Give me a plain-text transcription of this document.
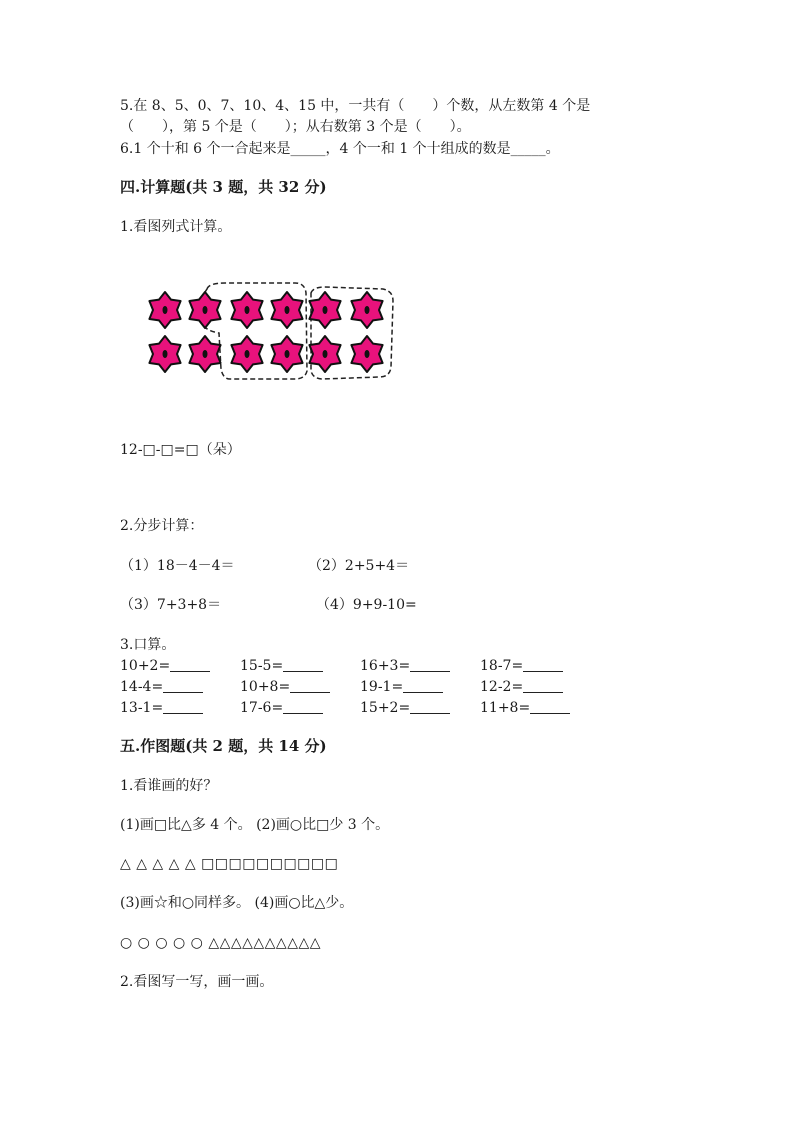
5.在 8、5、0、7、10、4、15 中，一共有（　　）个数，从左数第 4 个是
（　　），第 5 个是（　　）；从右数第 3 个是（　　）。
6.1 个十和 6 个一合起来是_____，4 个一和 1 个十组成的数是_____。
四.计算题(共 3 题，共 32 分)
1.看图列式计算。
12-□-□=□（朵）
2.分步计算：
（1）18－4－4＝	（2）2+5+4＝
（3）7+3+8＝	（4）9+9-10=
3.口算。
10+2=	15-5=	16+3=	18-7=
14-4=	10+8=	19-1=	12-2=
13-1=	17-6=	15+2=	11+8=
五.作图题(共 2 题，共 14 分)
1.看谁画的好？
(1)画□比△多 4 个。 (2)画○比□少 3 个。
△ △ △ △ △ □□□□□□□□□□
(3)画☆和○同样多。 (4)画○比△少。
○ ○ ○ ○ ○ △△△△△△△△△△
2.看图写一写，画一画。
